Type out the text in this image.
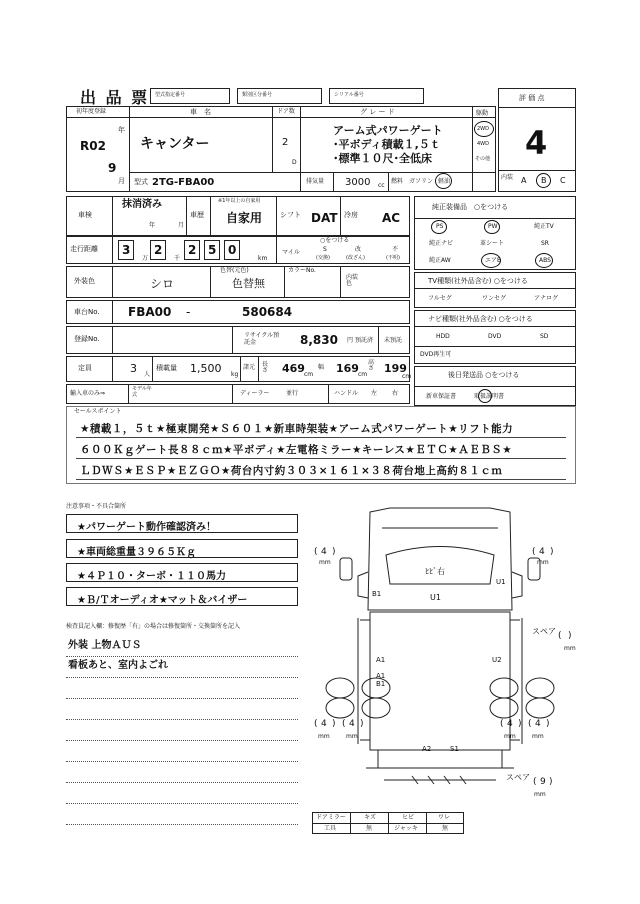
出 品 票 型式指定番号	類別区分番号	シリアル番号	評 価 点
4
初年度登録
R02
年
9
月
車　名
キャンター
ドア数
2
D
グ レ ー ド
アーム式パワーゲート
･平ボディ積載１,５ｔ
･標準１０尺･全低床
駆動
2WD
4WD
その他
型式 2TG-FBA00	排気量 3000 cc
燃料 ガソリン 軽油
内装 A B C
車検
抹消済み
年	月
車歴
※1年以上の自家用
自家用	シフト DAT 冷房 AC
純正装備品　○をつける
PS	PW	純正TV
純正ナビ	革シート	SR
純正AW	エアB	ABS
走行距離 3
万
2
千
2 5 0
km
○をつける
マイル	S
(交換)
改
(改ざん)
不
(不明)
外装色	シロ
色替(元色)
色替無
カラーNo.
内装色	TV種類(社外品含む) ○をつける
フルセグ	ワンセグ	アナログ
車台No. FBA00 -	580684	ナビ種類(社外品含む) ○をつける
HDD	DVD	SD
DVD再生可
登録No.	リサイクル預託金	8,830 円 預託済 未預託
定員	3 人
積載量 1,500 kg
諸元 長さ	469 cm
幅 169 cm
高さ 199
cm	後日発送品 ○をつける
新車保証書	取扱説明書
輸入車のみ⇒
モデル年式	ディーラー	並行	ハンドル 左 右
セールスポイント
★積載１，５ｔ★極東開発★Ｓ６０１★新車時架装★アーム式パワーゲート★リフト能力
６００Ｋｇゲート長８８ｃｍ★平ボディ★左電格ミラー★キーレス★ＥＴＣ★ＡＥＢＳ★
ＬＤＷＳ★ＥＳＰ★ＥＺＧＯ★荷台内寸約３０３×１６１×３８荷台地上高約８１ｃｍ
注意事項・不具合箇所
★パワーゲート動作確認済み！
★車両総重量３９６５Ｋｇ
★４Ｐ１０・ターボ・１１０馬力
★Ｂ/Ｔオーディオ★マット＆バイザー
検査員記入欄：修復歴「有」の場合は修復箇所・交換箇所を記入
外装 上物ＡＵＳ
看板あと、室内よごれ
( 4 )
mm
( 4 )
mm
( 4 )
mm
( 4 )
mm
( 4 )
mm
( 4 )
mm
スペア ( )
mm
スペア ( 9 )
mm
ﾋﾋﾞ右
U1
B1
U1
A1
A1
B1
U2
A2	S1
ドアミラー	キズ	ヒビ	ワレ
工具	無	ジャッキ	無
